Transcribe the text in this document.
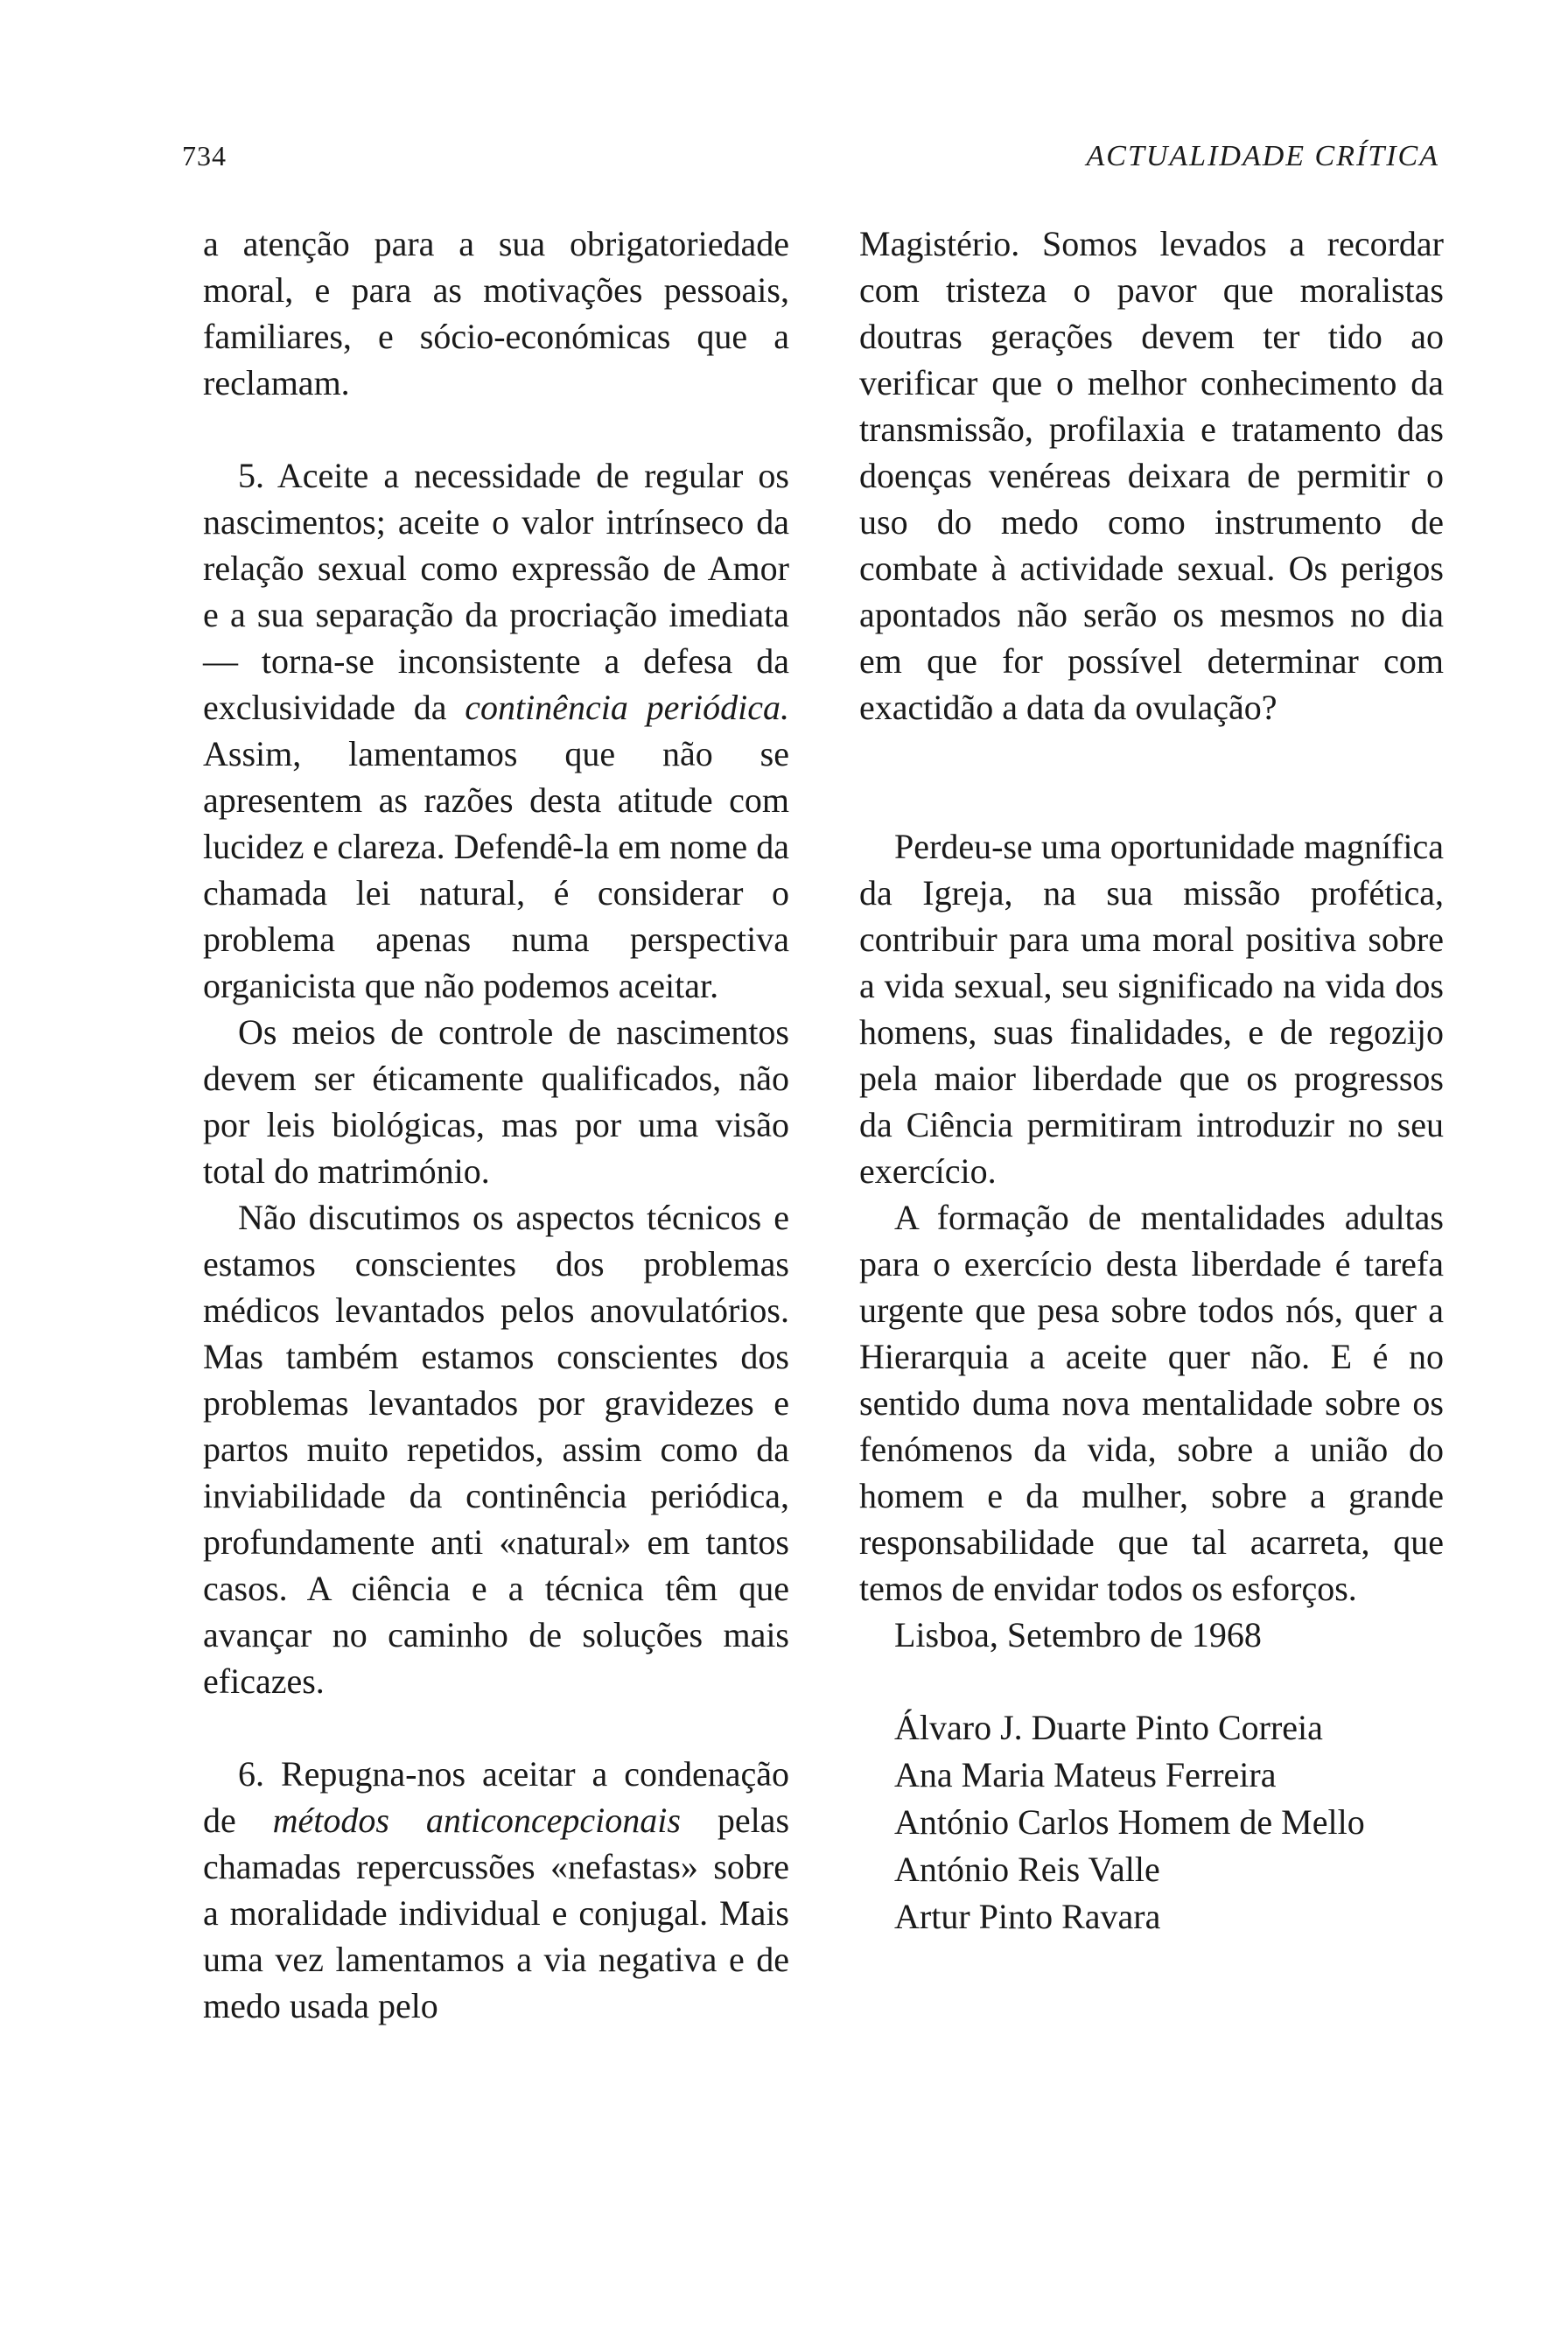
734	ACTUALIDADE CRÍTICA

a atenção para a sua obrigatoriedade moral, e para as motivações pessoais, familiares, e sócio-económicas que a reclamam.

5. Aceite a necessidade de regular os nascimentos; aceite o valor intrínseco da relação sexual como expressão de Amor e a sua separação da procriação imediata — torna-se inconsistente a defesa da exclusividade da continência periódica. Assim, lamentamos que não se apresentem as razões desta atitude com lucidez e clareza. Defendê-la em nome da chamada lei natural, é considerar o problema apenas numa perspectiva organicista que não podemos aceitar.

Os meios de controle de nascimentos devem ser éticamente qualificados, não por leis biológicas, mas por uma visão total do matrimónio.

Não discutimos os aspectos técnicos e estamos conscientes dos problemas médicos levantados pelos anovulatórios. Mas também estamos conscientes dos problemas levantados por gravidezes e partos muito repetidos, assim como da inviabilidade da continência periódica, profundamente anti «natural» em tantos casos. A ciência e a técnica têm que avançar no caminho de soluções mais eficazes.

6. Repugna-nos aceitar a condenação de métodos anticoncepcionais pelas chamadas repercussões «nefastas» sobre a moralidade individual e conjugal. Mais uma vez lamentamos a via negativa e de medo usada pelo

Magistério. Somos levados a recordar com tristeza o pavor que moralistas doutras gerações devem ter tido ao verificar que o melhor conhecimento da transmissão, profilaxia e tratamento das doenças venéreas deixara de permitir o uso do medo como instrumento de combate à actividade sexual. Os perigos apontados não serão os mesmos no dia em que for possível determinar com exactidão a data da ovulação?

Perdeu-se uma oportunidade magnífica da Igreja, na sua missão profética, contribuir para uma moral positiva sobre a vida sexual, seu significado na vida dos homens, suas finalidades, e de regozijo pela maior liberdade que os progressos da Ciência permitiram introduzir no seu exercício.

A formação de mentalidades adultas para o exercício desta liberdade é tarefa urgente que pesa sobre todos nós, quer a Hierarquia a aceite quer não. E é no sentido duma nova mentalidade sobre os fenómenos da vida, sobre a união do homem e da mulher, sobre a grande responsabilidade que tal acarreta, que temos de envidar todos os esforços.

Lisboa, Setembro de 1968

Álvaro J. Duarte Pinto Correia
Ana Maria Mateus Ferreira
António Carlos Homem de Mello
António Reis Valle
Artur Pinto Ravara
